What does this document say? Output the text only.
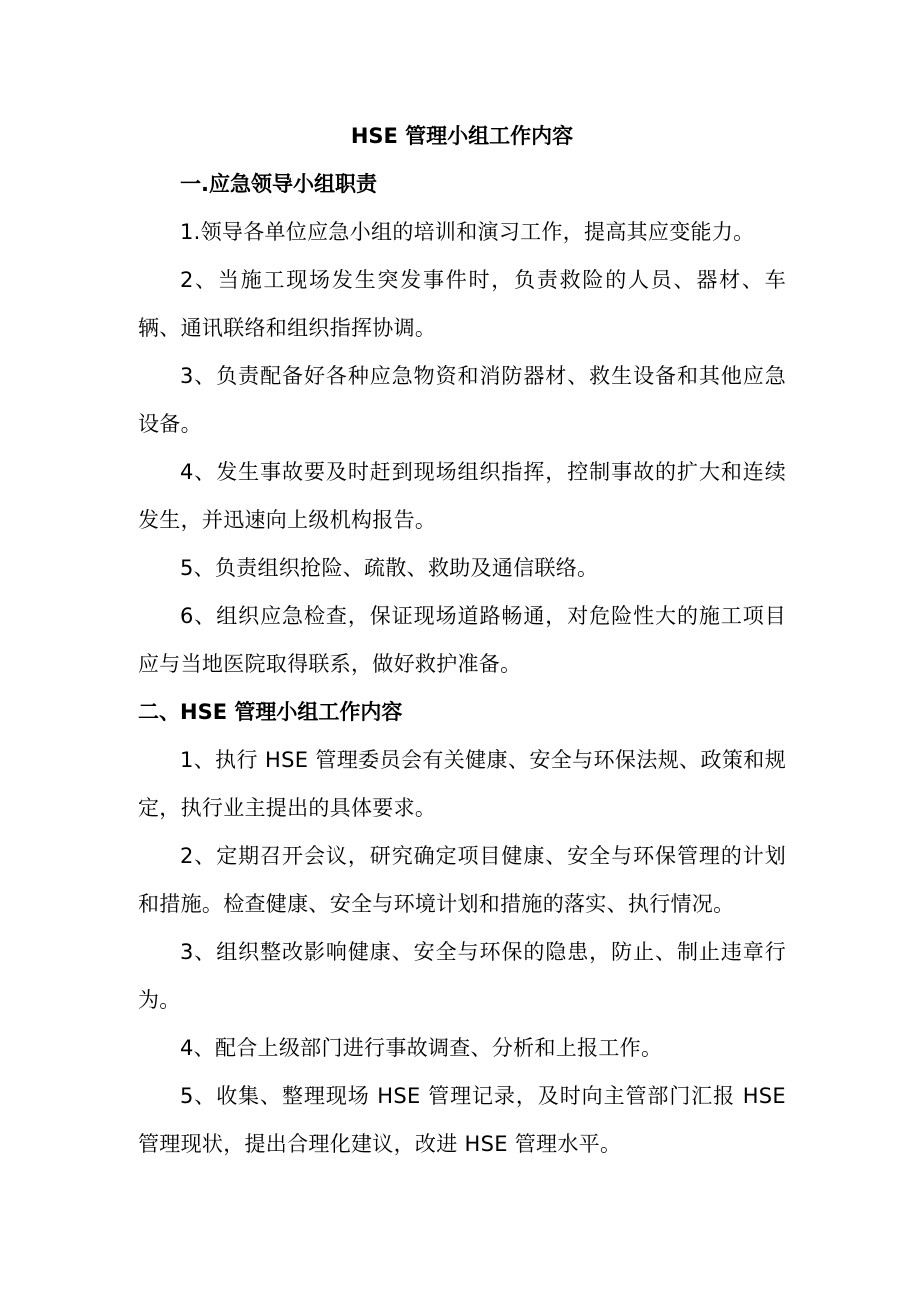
HSE 管理小组工作内容

一.应急领导小组职责

1.领导各单位应急小组的培训和演习工作，提高其应变能力。

2、当施工现场发生突发事件时，负责救险的人员、器材、车辆、通讯联络和组织指挥协调。

3、负责配备好各种应急物资和消防器材、救生设备和其他应急设备。

4、发生事故要及时赶到现场组织指挥，控制事故的扩大和连续发生，并迅速向上级机构报告。

5、负责组织抢险、疏散、救助及通信联络。

6、组织应急检查，保证现场道路畅通，对危险性大的施工项目应与当地医院取得联系，做好救护准备。

二、HSE 管理小组工作内容

1、执行 HSE 管理委员会有关健康、安全与环保法规、政策和规定，执行业主提出的具体要求。

2、定期召开会议，研究确定项目健康、安全与环保管理的计划和措施。检查健康、安全与环境计划和措施的落实、执行情况。

3、组织整改影响健康、安全与环保的隐患，防止、制止违章行为。

4、配合上级部门进行事故调查、分析和上报工作。

5、收集、整理现场 HSE 管理记录，及时向主管部门汇报 HSE 管理现状，提出合理化建议，改进 HSE 管理水平。
